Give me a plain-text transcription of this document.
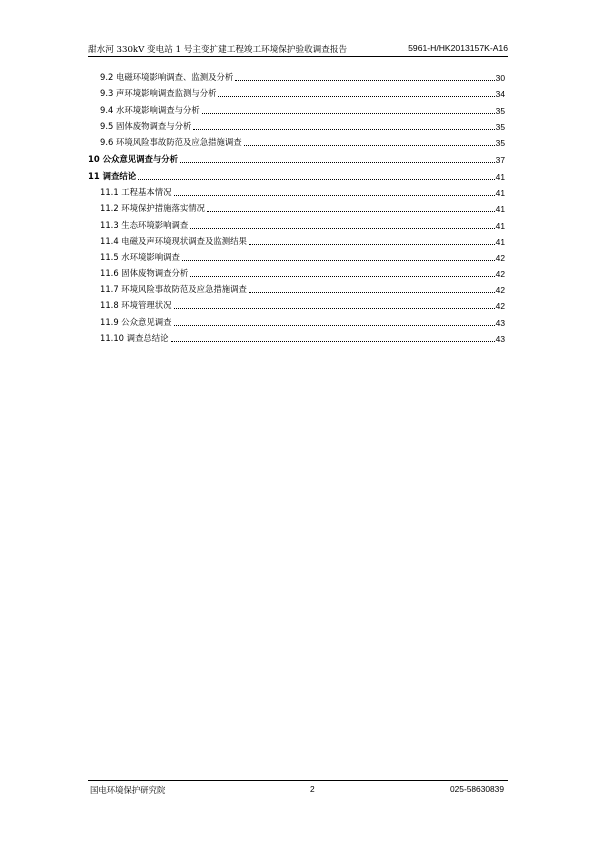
甜水河 330kV 变电站 1 号主变扩建工程竣工环境保护验收调查报告	5961-H/HK2013157K-A16
9.2 电磁环境影响调查、监测及分析	30
9.3 声环境影响调查监测与分析	34
9.4 水环境影响调查与分析	35
9.5 固体废物调查与分析	35
9.6 环境风险事故防范及应急措施调查	35
10 公众意见调查与分析	37
11 调查结论	41
11.1 工程基本情况	41
11.2 环境保护措施落实情况	41
11.3 生态环境影响调查	41
11.4 电磁及声环境现状调查及监测结果	41
11.5 水环境影响调查	42
11.6 固体废物调查分析	42
11.7 环境风险事故防范及应急措施调查	42
11.8 环境管理状况	42
11.9 公众意见调查	43
11.10 调查总结论	43
国电环境保护研究院	2	025-58630839
